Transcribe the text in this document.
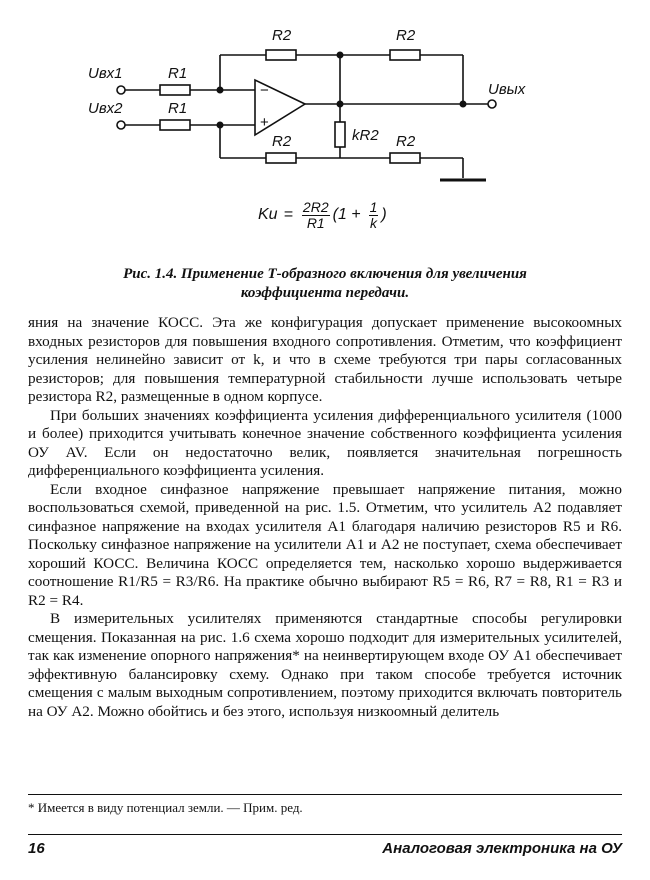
Uвх1
Uвх2
Uвых
R2	R2
R1
R1
R2	kR2 R2
−
+
$Ku = \frac{2R2}{R1} (1 + \frac{1}{k}$ )
Рис. 1.4. Применение Т-образного включения для увеличения
коэффициента передачи.

яния на значение КОСС. Эта же конфигурация допускает применение высокоомных входных резисторов для повышения входного сопротивления. Отметим, что коэффициент усиления нелинейно зависит от k, и что в схеме требуются три пары согласованных резисторов; для повышения температурной стабильности лучше использовать четыре резистора R2, размещенные в одном корпусе.

При больших значениях коэффициента усиления дифференциального усилителя (1000 и более) приходится учитывать конечное значение собственного коэффициента усиления ОУ AV. Если он недостаточно велик, появляется значительная погрешность дифференциального коэффициента усиления.

Если входное синфазное напряжение превышает напряжение питания, можно воспользоваться схемой, приведенной на рис. 1.5. Отметим, что усилитель A2 подавляет синфазное напряжение на входах усилителя A1 благодаря наличию резисторов R5 и R6. Поскольку синфазное напряжение на усилители A1 и A2 не поступает, схема обеспечивает хороший КОСС. Величина КОСС определяется тем, насколько хорошо выдерживается соотношение R1/R5 = R3/R6. На практике обычно выбирают R5 = R6, R7 = R8, R1 = R3 и R2 = R4.

В измерительных усилителях применяются стандартные способы регулировки смещения. Показанная на рис. 1.6 схема хорошо подходит для измерительных усилителей, так как изменение опорного напряжения* на неинвертирующем входе ОУ A1 обеспечивает эффективную балансировку схему. Однако при таком способе требуется источник смещения с малым выходным сопротивлением, поэтому приходится включать повторитель на ОУ A2. Можно обойтись и без этого, используя низкоомный делитель

* Имеется в виду потенциал земли. — Прим. ред.
16	Аналоговая электроника на ОУ
